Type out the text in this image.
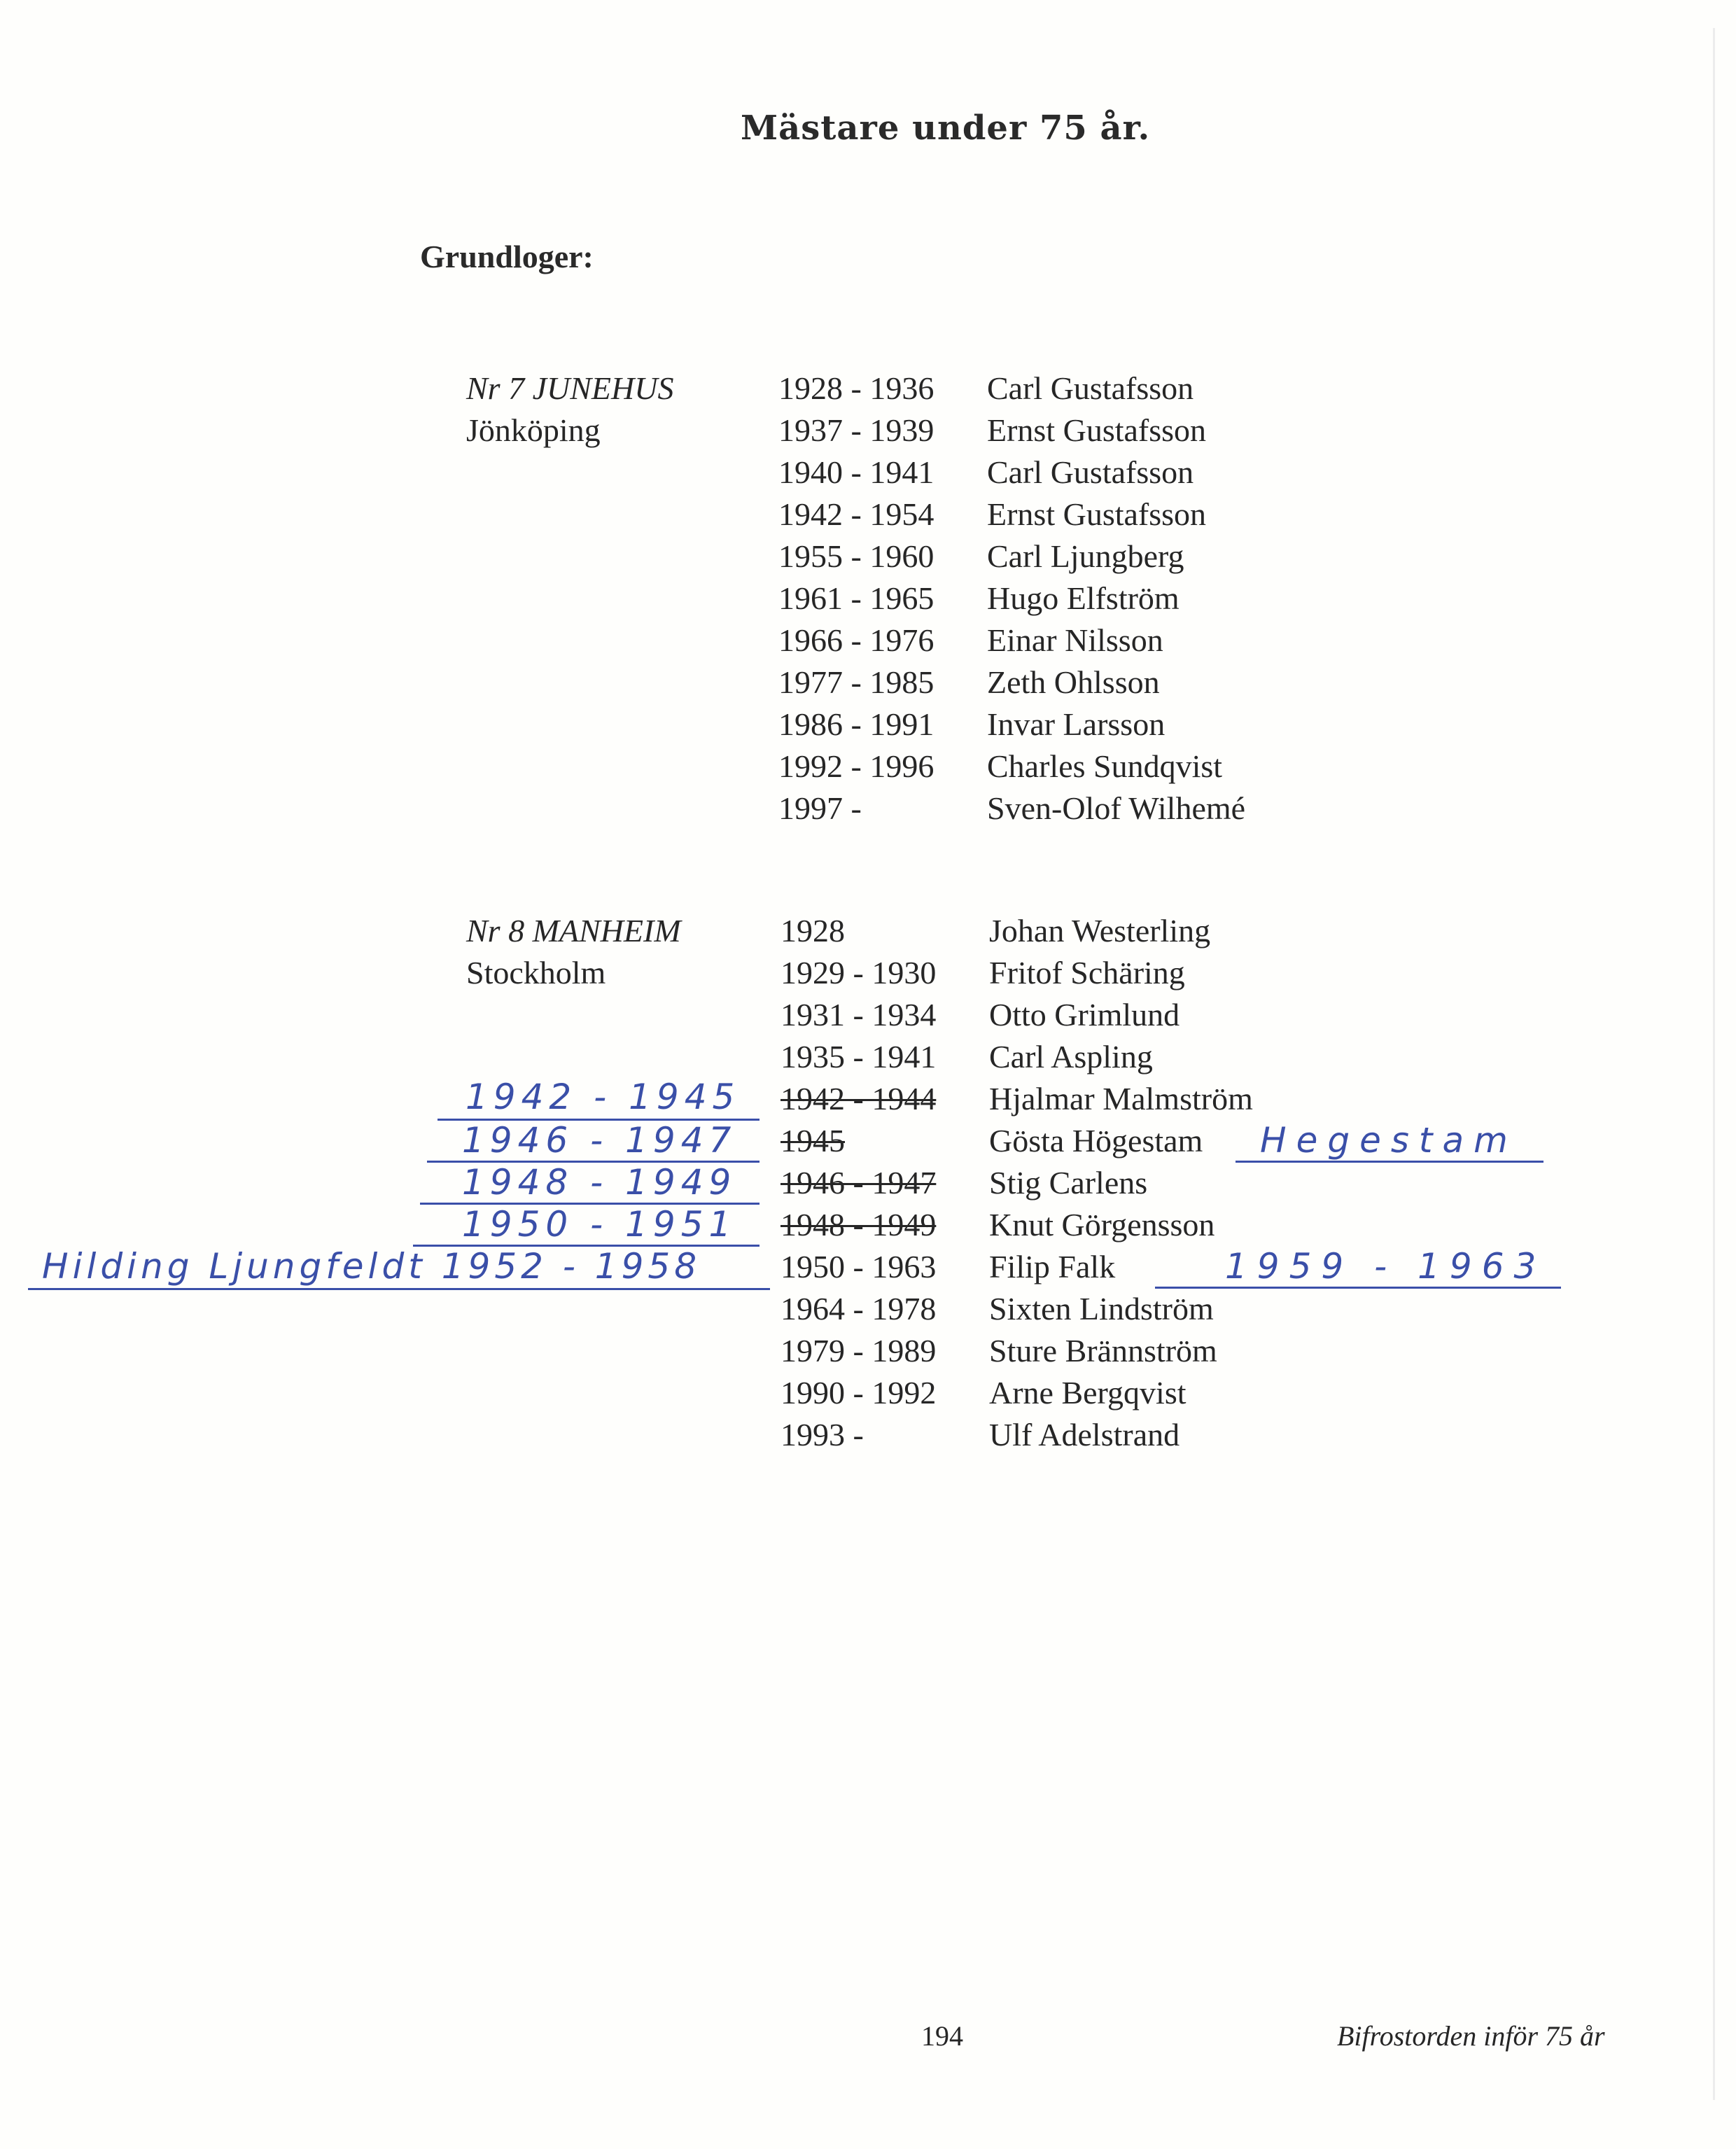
Mästare under 75 år.
Grundloger:
Nr 7 JUNEHUS
Jönköping
1928 - 1936 Carl Gustafsson
1937 - 1939 Ernst Gustafsson
1940 - 1941 Carl Gustafsson
1942 - 1954 Ernst Gustafsson
1955 - 1960 Carl Ljungberg
1961 - 1965 Hugo Elfström
1966 - 1976 Einar Nilsson
1977 - 1985 Zeth Ohlsson
1986 - 1991 Invar Larsson
1992 - 1996 Charles Sundqvist
1997 -	Sven-Olof Wilhemé
Nr 8 MANHEIM
Stockholm
1928	Johan Westerling
1929 - 1930 Fritof Schäring
1931 - 1934 Otto Grimlund
1935 - 1941 Carl Aspling
1942 - 1944 Hjalmar Malmström
1945	Gösta Högestam
1946 - 1947 Stig Carlens
1948 - 1949 Knut Görgensson
1950 - 1963 Filip Falk
1964 - 1978 Sixten Lindström
1979 - 1989 Sture Brännström
1990 - 1992 Arne Bergqvist
1993 -	Ulf Adelstrand
1942 - 1945
1946 - 1947
1948 - 1949
1950 - 1951
Hilding Ljungfeldt 1952 - 1958
Hegestam
1959 - 1963
194	Bifrostorden inför 75 år
